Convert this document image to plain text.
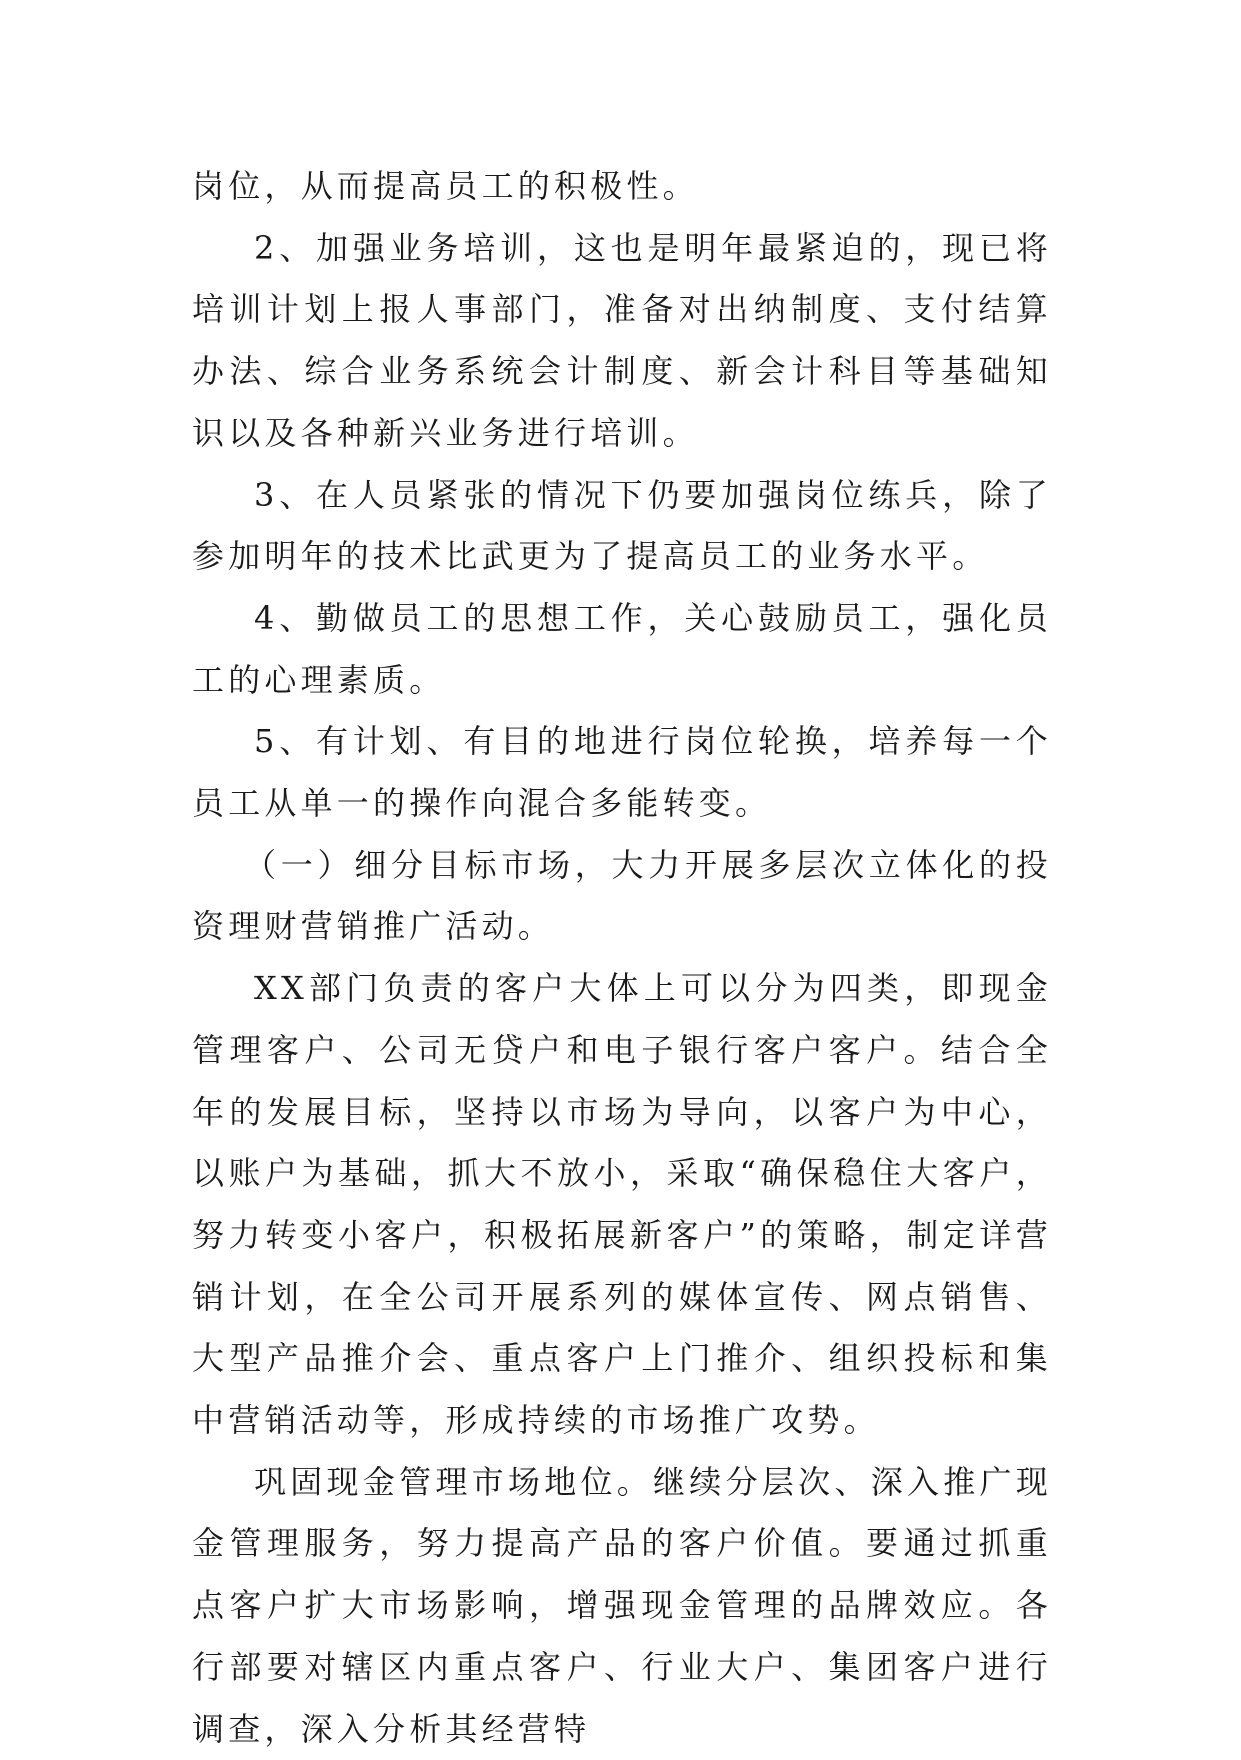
岗位，从而提高员工的积极性。

2、加强业务培训，这也是明年最紧迫的，现已将培训计划上报人事部门，准备对出纳制度、支付结算办法、综合业务系统会计制度、新会计科目等基础知识以及各种新兴业务进行培训。

3、在人员紧张的情况下仍要加强岗位练兵，除了参加明年的技术比武更为了提高员工的业务水平。

4、勤做员工的思想工作，关心鼓励员工，强化员工的心理素质。

5、有计划、有目的地进行岗位轮换，培养每一个员工从单一的操作向混合多能转变。

（一）细分目标市场，大力开展多层次立体化的投资理财营销推广活动。

XX部门负责的客户大体上可以分为四类，即现金管理客户、公司无贷户和电子银行客户客户。结合全年的发展目标，坚持以市场为导向，以客户为中心，以账户为基础，抓大不放小，采取“确保稳住大客户，努力转变小客户，积极拓展新客户”的策略，制定详营销计划，在全公司开展系列的媒体宣传、网点销售、大型产品推介会、重点客户上门推介、组织投标和集中营销活动等，形成持续的市场推广攻势。

巩固现金管理市场地位。继续分层次、深入推广现金管理服务，努力提高产品的客户价值。要通过抓重点客户扩大市场影响，增强现金管理的品牌效应。各行部要对辖区内重点客户、行业大户、集团客户进行调查，深入分析其经营特
